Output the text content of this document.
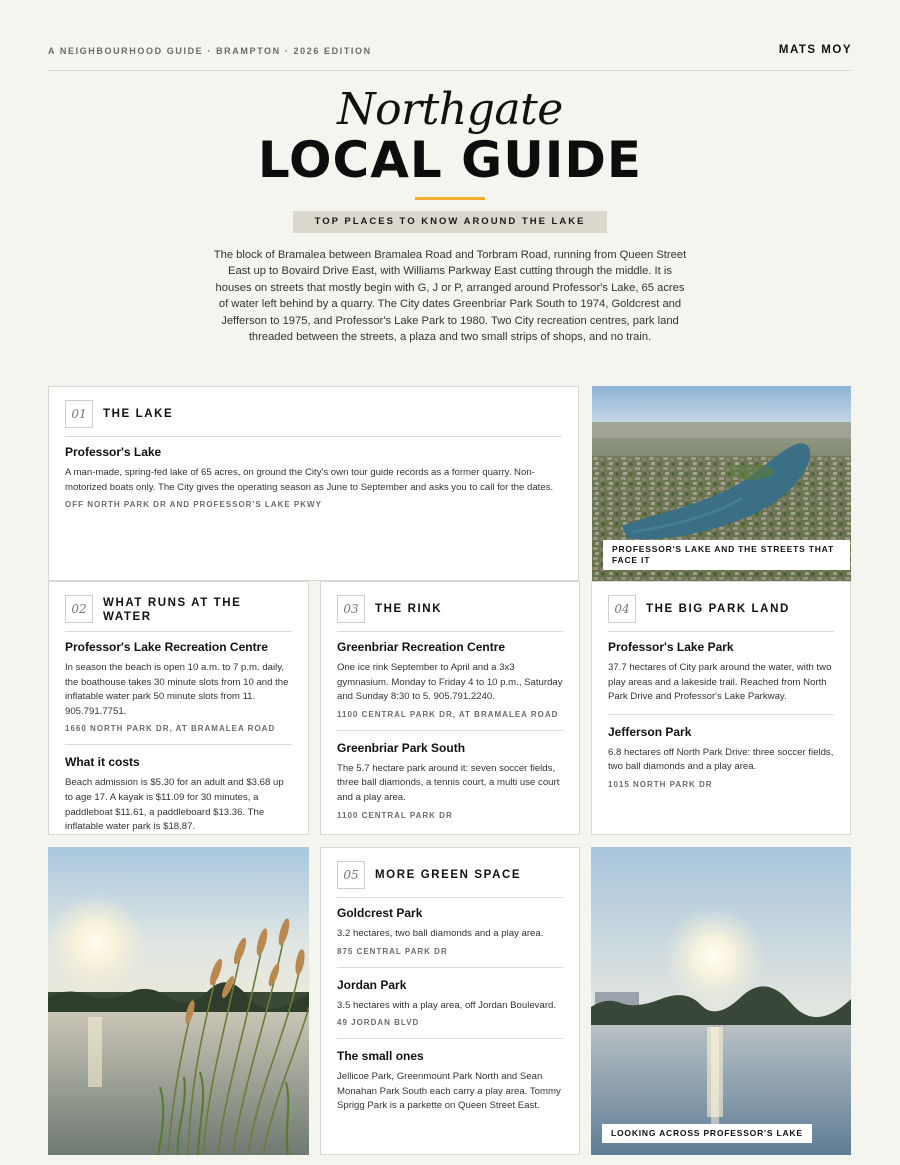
A NEIGHBOURHOOD GUIDE · BRAMPTON · 2026 EDITION	MATS MOY
Northgate
LOCAL GUIDE
TOP PLACES TO KNOW AROUND THE LAKE
The block of Bramalea between Bramalea Road and Torbram Road, running from Queen Street East up to Bovaird Drive East, with Williams Parkway East cutting through the middle. It is houses on streets that mostly begin with G, J or P, arranged around Professor's Lake, 65 acres of water left behind by a quarry. The City dates Greenbriar Park South to 1974, Goldcrest and Jefferson to 1975, and Professor's Lake Park to 1980. Two City recreation centres, park land threaded between the streets, a plaza and two small strips of shops, and no train.
01	THE LAKE
Professor's Lake
A man-made, spring-fed lake of 65 acres, on ground the City's own tour guide records as a former quarry. Non-motorized boats only. The City gives the operating season as June to September and asks you to call for the dates.
OFF NORTH PARK DR AND PROFESSOR'S LAKE PKWY
PROFESSOR'S LAKE AND THE STREETS THAT FACE IT
02	WHAT RUNS AT THE WATER
Professor's Lake Recreation Centre
In season the beach is open 10 a.m. to 7 p.m. daily, the boathouse takes 30 minute slots from 10 and the inflatable water park 50 minute slots from 11. 905.791.7751.
1660 NORTH PARK DR, AT BRAMALEA ROAD
What it costs
Beach admission is $5.30 for an adult and $3.68 up to age 17. A kayak is $11.09 for 30 minutes, a paddleboat $11.61, a paddleboard $13.36. The inflatable water park is $18.87.
03	THE RINK
Greenbriar Recreation Centre
One ice rink September to April and a 3x3 gymnasium. Monday to Friday 4 to 10 p.m., Saturday and Sunday 8:30 to 5. 905.791.2240.
1100 CENTRAL PARK DR, AT BRAMALEA ROAD
Greenbriar Park South
The 5.7 hectare park around it: seven soccer fields, three ball diamonds, a tennis court, a multi use court and a play area.
1100 CENTRAL PARK DR
04	THE BIG PARK LAND
Professor's Lake Park
37.7 hectares of City park around the water, with two play areas and a lakeside trail. Reached from North Park Drive and Professor's Lake Parkway.
Jefferson Park
6.8 hectares off North Park Drive: three soccer fields, two ball diamonds and a play area.
1015 NORTH PARK DR
05	MORE GREEN SPACE
Goldcrest Park
3.2 hectares, two ball diamonds and a play area.
875 CENTRAL PARK DR
Jordan Park
3.5 hectares with a play area, off Jordan Boulevard.
49 JORDAN BLVD
The small ones
Jellicoe Park, Greenmount Park North and Sean Monahan Park South each carry a play area. Tommy Sprigg Park is a parkette on Queen Street East.
LOOKING ACROSS PROFESSOR'S LAKE
